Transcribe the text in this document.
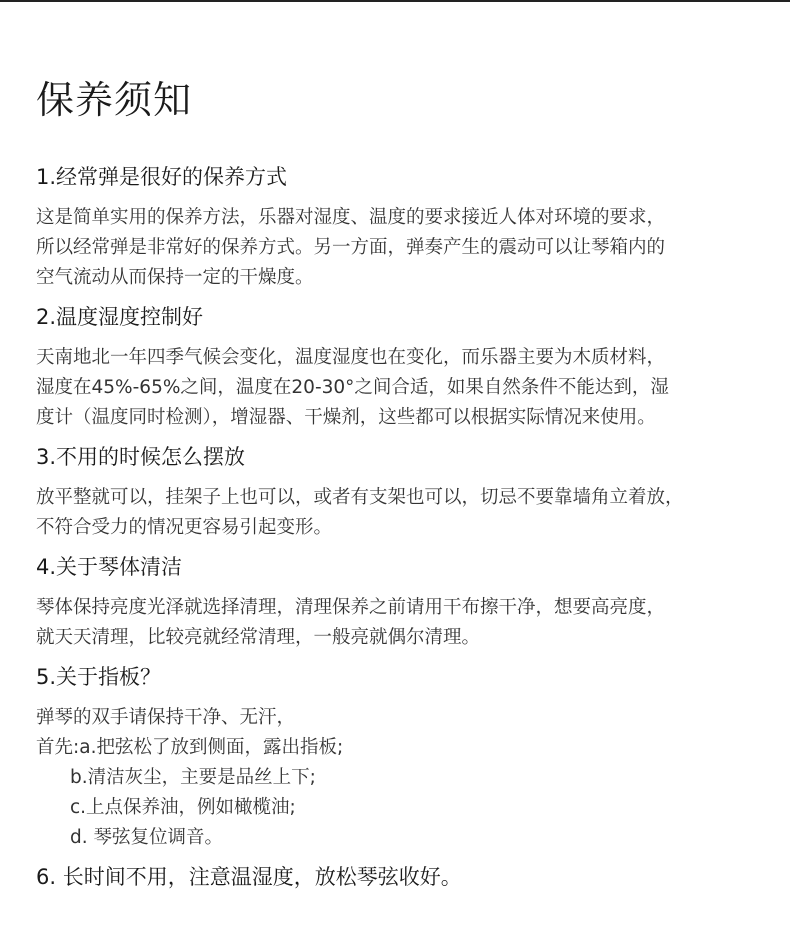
保养须知
1.经常弹是很好的保养方式
这是简单实用的保养方法，乐器对湿度、温度的要求接近人体对环境的要求，
所以经常弹是非常好的保养方式。另一方面，弹奏产生的震动可以让琴箱内的
空气流动从而保持一定的干燥度。
2.温度湿度控制好
天南地北一年四季气候会变化，温度湿度也在变化，而乐器主要为木质材料，
湿度在45%-65%之间，温度在20-30°之间合适，如果自然条件不能达到，湿
度计（温度同时检测），增湿器、干燥剂，这些都可以根据实际情况来使用。
3.不用的时候怎么摆放
放平整就可以，挂架子上也可以，或者有支架也可以，切忌不要靠墙角立着放，
不符合受力的情况更容易引起变形。
4.关于琴体清洁
琴体保持亮度光泽就选择清理，清理保养之前请用干布擦干净，想要高亮度，
就天天清理，比较亮就经常清理，一般亮就偶尔清理。
5.关于指板？
弹琴的双手请保持干净、无汗，
首先:a.把弦松了放到侧面，露出指板;
b.清洁灰尘，主要是品丝上下;
c.上点保养油，例如橄榄油;
d. 琴弦复位调音。
6. 长时间不用，注意温湿度，放松琴弦收好。
